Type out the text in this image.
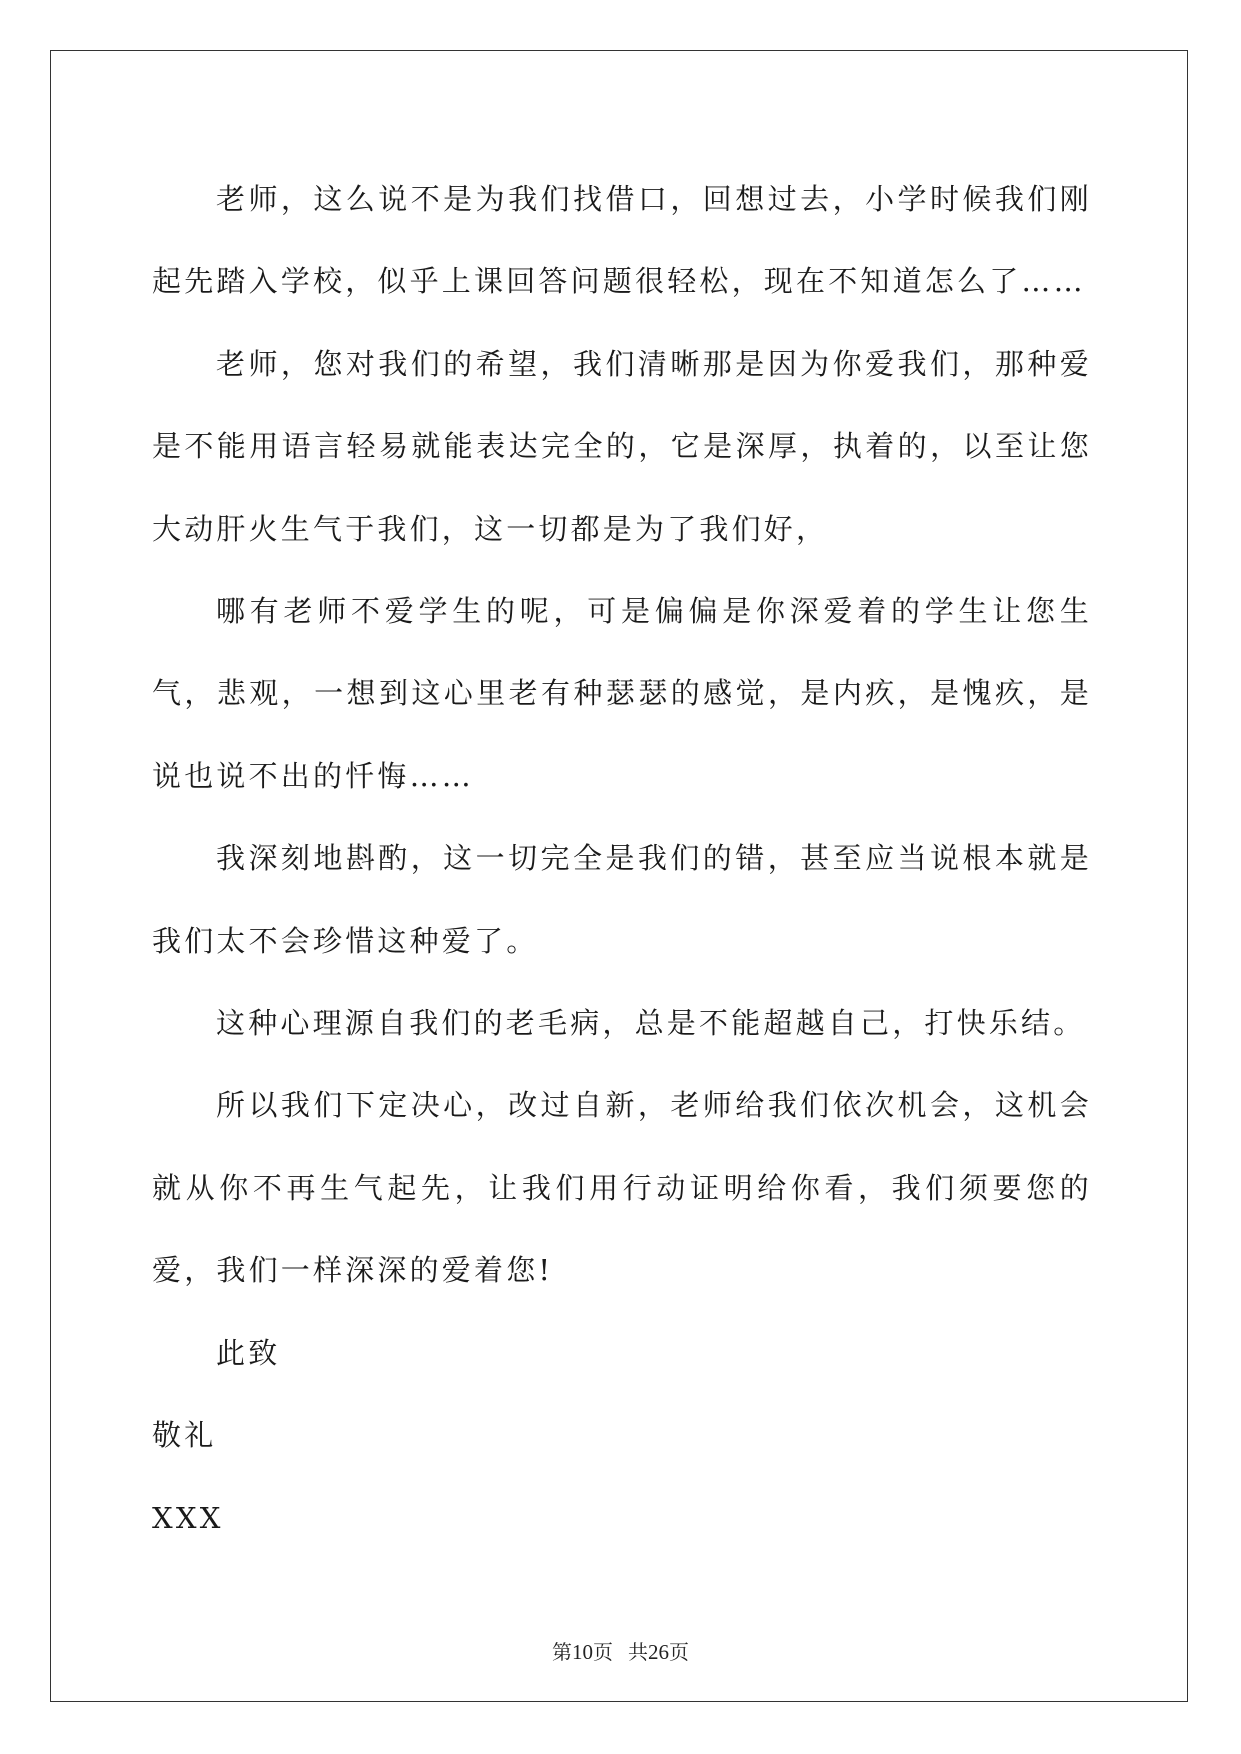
老师，这么说不是为我们找借口，回想过去，小学时候我们刚起先踏入学校，似乎上课回答问题很轻松，现在不知道怎么了……

老师，您对我们的希望，我们清晰那是因为你爱我们，那种爱是不能用语言轻易就能表达完全的，它是深厚，执着的，以至让您大动肝火生气于我们，这一切都是为了我们好，

哪有老师不爱学生的呢，可是偏偏是你深爱着的学生让您生气，悲观，一想到这心里老有种瑟瑟的感觉，是内疚，是愧疚，是说也说不出的忏悔……

我深刻地斟酌，这一切完全是我们的错，甚至应当说根本就是我们太不会珍惜这种爱了。

这种心理源自我们的老毛病，总是不能超越自己，打快乐结。

所以我们下定决心，改过自新，老师给我们依次机会，这机会就从你不再生气起先，让我们用行动证明给你看，我们须要您的爱，我们一样深深的爱着您!

此致

敬礼

XXX

第10页 共26页
